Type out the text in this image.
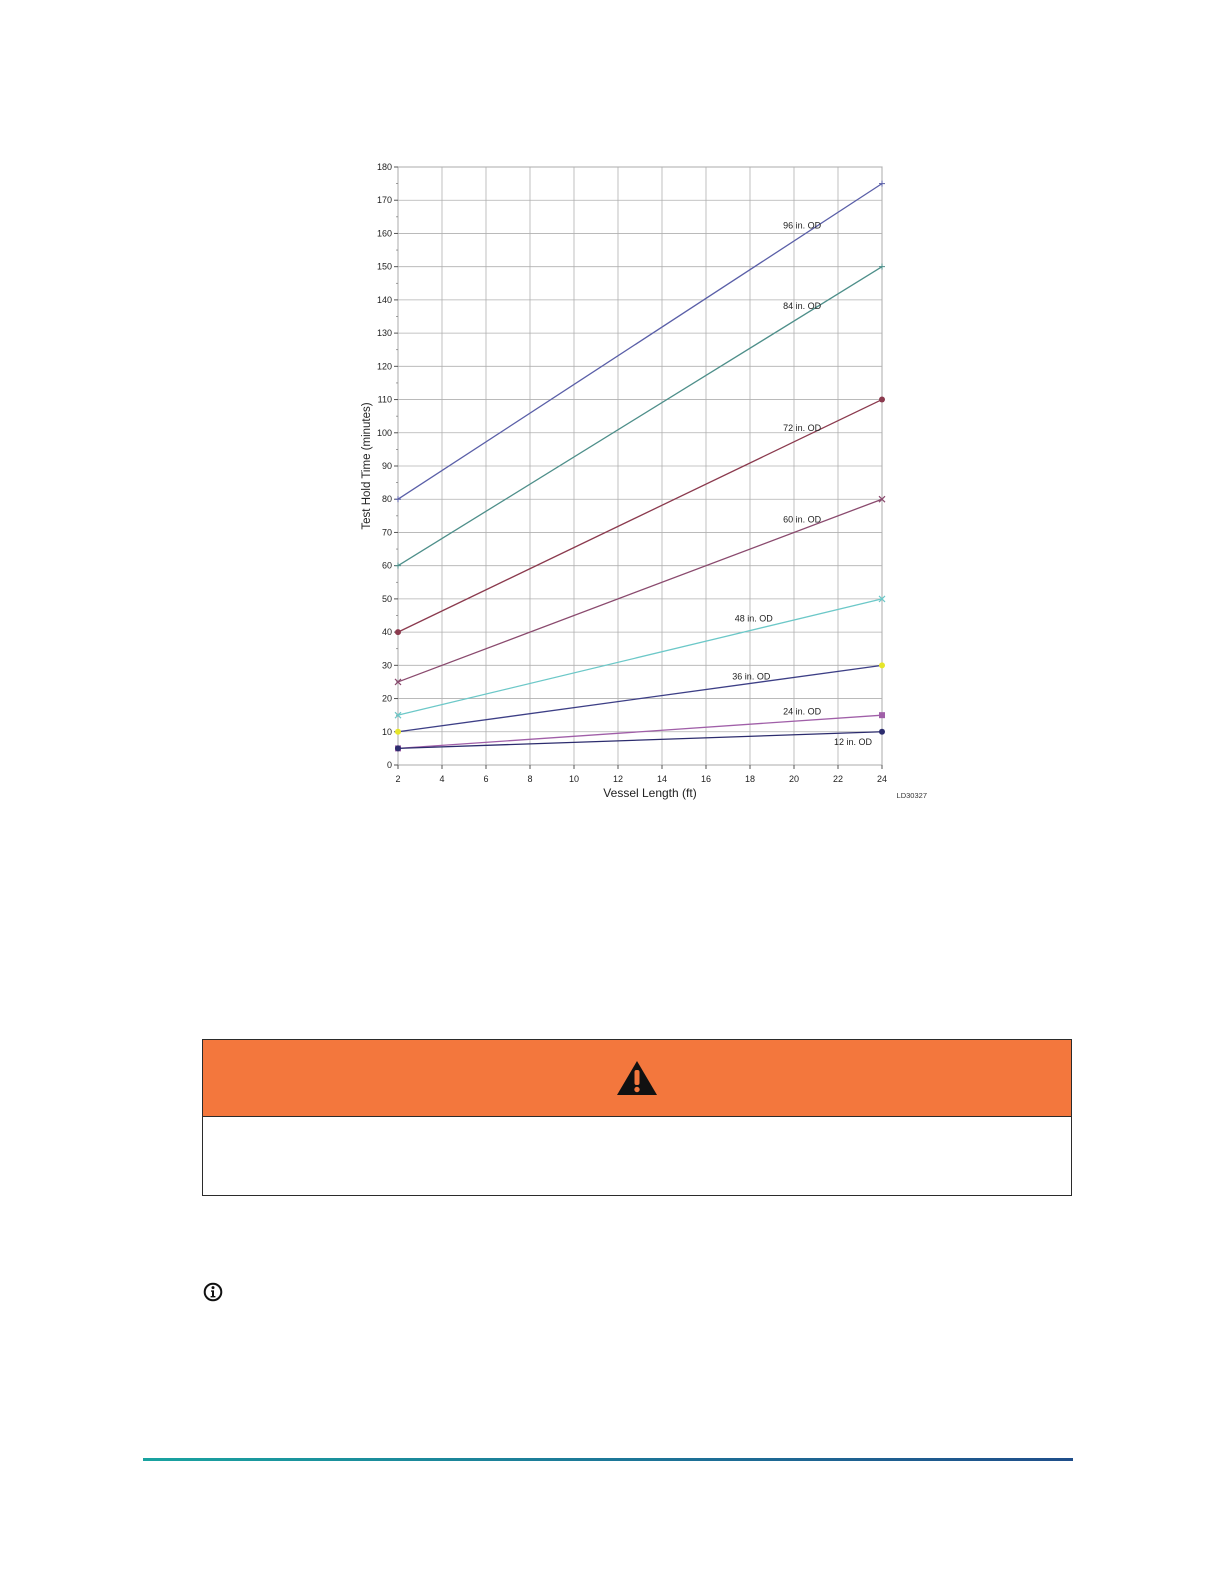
0
10
20
30
40
50
60
70
80
90
100
110
120
130
140
150
160
170
180
2	4	6	8	10	12	14	16	18	20	22	24
Vessel Length (ft)
Test Hold Time (minutes)
LD30327
96 in. OD
84 in. OD
72 in. OD
60 in. OD
48 in. OD
36 in. OD
24 in. OD
12 in. OD
